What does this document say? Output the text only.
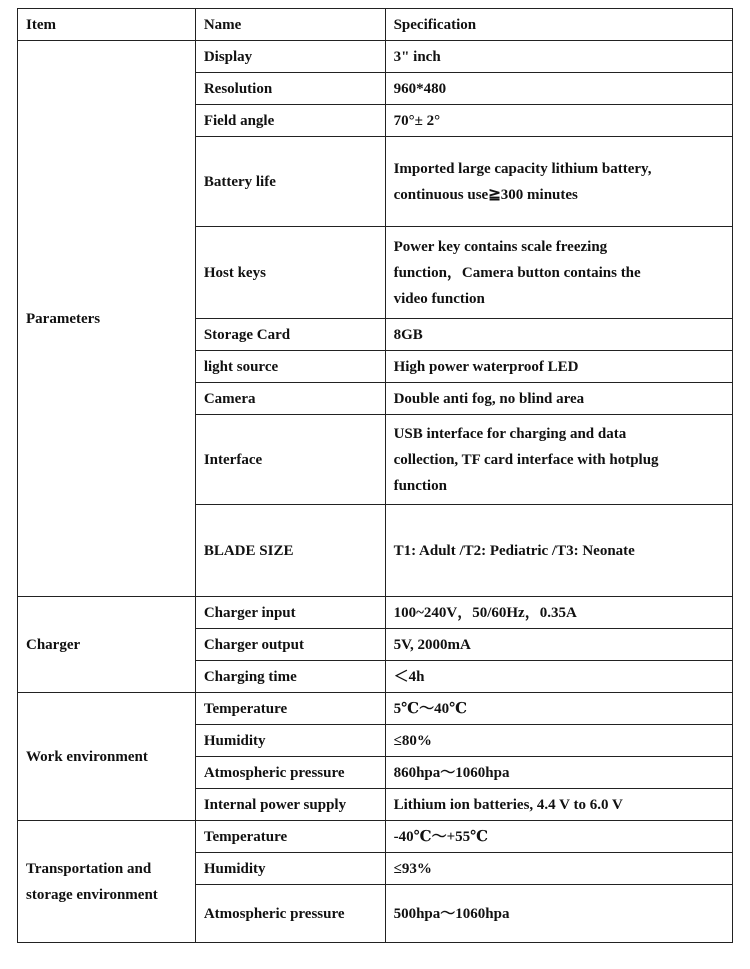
Item	Name	Specification
Parameters	Display	3" inch
	Resolution	960*480
	Field angle	70°± 2°
	Battery life	Imported large capacity lithium battery,
continuous use≧300 minutes

	Host keys	Power key contains scale freezing
function，Camera button contains the
video function

	Storage Card	8GB
	light source	High power waterproof LED
	Camera	Double anti fog, no blind area
	Interface	USB interface for charging and data
collection, TF card interface with hotplug
function

	BLADE SIZE	T1: Adult /T2: Pediatric /T3: Neonate
Charger	Charger input	100~240V，50/60Hz，0.35A
	Charger output	5V, 2000mA
	Charging time	＜4h
Work environment	Temperature	5℃～40℃
	Humidity	≤80%
	Atmospheric pressure	860hpa～1060hpa
	Internal power supply	Lithium ion batteries, 4.4 V to 6.0 V

Transportation and
storage environment	Temperature	-40℃～+55℃
	Humidity	≤93%
	Atmospheric pressure	500hpa～1060hpa
